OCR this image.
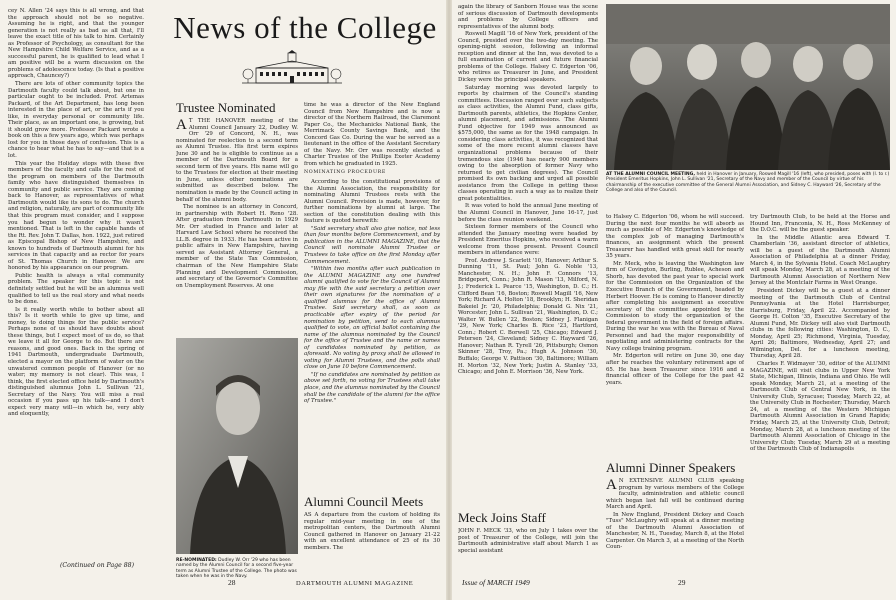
cey N. Allen '24 says this is all wrong, and that the approach should not be so negative. Assuming he is right, and that the younger generation is not really as bad as all that, I'll leave the exact title of his talk to him. Certainly as Professor of Psychology, as consultant for the New Hampshire Child Welfare Service, and as a successful parent, he is qualified to lead what I am positive will be a warm discussion on the problems of adolescence today. (Is that a positive approach, Chauncey?)

There are lots of other community topics the Dartmouth faculty could talk about, but one in particular ought to be included. Prof. Artemas Packard, of the Art Department, has long been interested in the place of art, or the arts if you like, in everyday personal or community life. Their place, as an important one, is growing, but it should grow more. Professor Packard wrote a book on this a few years ago, which was perhaps lost for you in those days of confusion. This is a chance to hear what he has to say—and that is a lot.

This year the Holiday stops with these five members of the faculty and calls for the rest of the program on members of the Dartmouth family who have distinguished themselves in community and public service. They are coming back to Hanover, as representatives of what Dartmouth would like its sons to do. The church and religion, naturally, are part of community life that this program must consider, and I suppose you had begun to wonder why it wasn't mentioned. That is left in the capable hands of the Rt. Rev. John T. Dallas, hon. 1922, just retired as Episcopal Bishop of New Hampshire, and known to hundreds of Dartmouth alumni for his services in that capacity and as rector for years of St. Thomas Church in Hanover. We are honored by his appearance on our program.

Public health is always a vital community problem. The speaker for this topic is not definitely settled but he will be an alumnus well qualified to tell us the real story and what needs to be done.

Is it really worth while to bother about all this? Is it worth while to give up time, and money, to doing things for the public service? Perhaps none of us should have doubts about these things, but I expect most of us do, so that we leave it all for George to do. But there are reasons, and good ones. Back in the spring of 1941 Dartmouth, undergraduate Dartmouth, elected a mayor on the platform of water on the unwatered common people of Hanover (or no water; my memory is not clear). This was, I think, the first elected office held by Dartmouth's distinguished alumnus John L. Sullivan '21, Secretary of the Navy. You will miss a real occasion if you pass up his talk—and I don't expect very many will—in which he, very ably and eloquently,

(Continued on Page 88)
News of the College
Trustee Nominated

A T THE HANOVER meeting of the Alumni Council January 22, Dudley W. Orr '29 of Concord, N. H., was nominated for reelection to a second term as Alumni Trustee. His first term expires June 30 and he is eligible to continue as a member of the Dartmouth Board for a second term of five years. His name will go to the Trustees for election at their meeting in June, unless other nominations are submitted as described below. The nomination is made by the Council acting in behalf of the alumni body.

The nominee is an attorney in Concord, in partnership with Robert H. Reno '28. After graduation from Dartmouth in 1929 Mr. Orr studied in France and later at Harvard Law School where he received the LL.B. degree in 1933. He has been active in public affairs in New Hampshire, having served as Assistant Attorney General, a member of the State Tax Commission, chairman of the New Hampshire State Planning and Development Commission, and secretary of the Governor's Committee on Unemployment Reserves. At one

RE-NOMINATED: Dudley W. Orr '29 who has been named by the Alumni Council for a second five-year term as Alumni Trustee of the College. The photo was taken when he was in the Navy.

time he was a director of the New England Council from New Hampshire and is now a director of the Northern Railroad, the Claremont Paper Co., the Mechanicks National Bank, the Merrimack County Savings Bank, and the Concord Gas Co. During the war he served as a lieutenant in the office of the Assistant Secretary of the Navy. Mr. Orr was recently elected a Charter Trustee of the Phillips Exeter Academy from which he graduated in 1925.

NOMINATING PROCEDURE

According to the constitutional provisions of the Alumni Association, the responsibility for nominating Alumni Trustees rests with the Alumni Council. Provision is made, however, for further nominations by alumni at large. The section of the constitution dealing with this feature is quoted herewith:

"Said secretary shall also give notice, not less than four months before Commencement, and by publication in the ALUMNI MAGAZINE, that the Council will nominate Alumni Trustee or Trustees to take office on the first Monday after Commencement.

"Within two months after such publication in the ALUMNI MAGAZINE any one hundred alumni qualified to vote for the Council of Alumni may file with the said secretary a petition over their own signatures for the nomination of a qualified alumnus for the office of Alumni Trustee. Said secretary shall, as soon as practicable after expiry of the period for nomination by petition, send to each alumnus qualified to vote, an official ballot containing the name of the alumnus nominated by the Council for the office of Trustee and the name or names of candidates nominated by petition, as aforesaid. No voting by proxy shall be allowed in voting for Alumni Trustees, and the polls shall close on June 10 before Commencement.

"If no candidates are nominated by petition as above set forth, no voting for Trustees shall take place, and the alumnus nominated by the Council shall be the candidate of the alumni for the office of Trustee."

Alumni Council Meets

AS A departure from the custom of holding its regular mid-year meeting in one of the metropolitan centers, the Dartmouth Alumni Council gathered in Hanover on January 21-22 with an excellent attendance of 25 of its 30 members. The

28	DARTMOUTH ALUMNI MAGAZINE

again the library of Sanborn House was the scene of serious discussion of Dartmouth developments and problems by College officers and representatives of the alumni body.

Roswell Magill '16 of New York, president of the Council, presided over the two-day meeting. The opening-night session, following an informal reception and dinner at the Inn, was devoted to a full examination of current and future financial problems of the College. Halsey C. Edgerton '06, who retires as Treasurer in June, and President Dickey were the principal speakers.

Saturday morning was devoted largely to reports by chairmen of the Council's standing committees. Discussion ranged over such subjects as class activities, the Alumni Fund, class gifts, Dartmouth parents, athletics, the Hopkins Center, alumni placement, and admissions. The Alumni Fund objective for 1949 was announced as $575,000, the same as for the 1948 campaign. In considering class activities, it was recognized that some of the more recent alumni classes have organizational problems because of their tremendous size (1946 has nearly 900 members owing to the absorption of former Navy who returned to get civilian degrees). The Council promised its own backing and urged all possible assistance from the College in getting these classes operating in such a way as to realize their great potentialities.

It was voted to hold the annual June meeting of the Alumni Council in Hanover, June 16-17, just before the class reunion weekend.

Sixteen former members of the Council who attended the January meeting were headed by President Emeritus Hopkins, who received a warm welcome from those present. Present Council members in attendance were:

Prof. Andrew J. Scarlett '10, Hanover; Arthur S. Dunning '11, St. Paul; John G. Noble '13, Manchester, N. H.; John F. Connors '13, Bridgeport, Conn.; John R. Mason '13, Milford, N. J.; Frederick L. Pearce '15, Washington, D. C.; H. Clifford Bean '16, Boston; Roswell Magill '16, New York; Richard A. Holton '18, Brooklyn; H. Sheridan Bakeiel Jr. '20, Philadelphia; Donald G. Nix '21, Worcester; John L. Sullivan '21, Washington, D. C.; Walter W. Bullen '22, Boston; Sidney J. Flanigan '29, New York; Charles B. Rice '23, Hartford, Conn.; Robert C. Borwell '25, Chicago; Edward J. Petersen '24, Cleveland; Sidney C. Hayward '26, Hanover; Nathan R. Tyrell '26, Pittsburgh; Osmon Skinner '28, Troy, Pa.; Hugh A. Johnson '30, Buffalo; George V. Pattison '30, Baltimore; William H. Morton '32, New York; Justin A. Stanley '33, Chicago; and John E. Morrison '36, New York.

Meck Joins Staff

JOHN F. MECK '33, who on July 1 takes over the post of Treasurer of the College, will join the Dartmouth administrative staff about March 1 as special assistant

Issue of MARCH 1949
AT THE ALUMNI COUNCIL MEETING, held in Hanover in January, Roswell Magill '16 (left), who presided, poses with (l. to r.) President Emeritus Hopkins, John L. Sullivan '21, Secretary of the Navy and member of the Council by virtue of his chairmanship of the executive committee of the General Alumni Association, and Sidney C. Hayward '26, Secretary of the College and also of the Council.

to Halsey C. Edgerton '06, whom he will succeed. During the next four months he will absorb as much as possible of Mr. Edgerton's knowledge of the complex job of managing Dartmouth's finances, an assignment which the present Treasurer has handled with great skill for nearly 35 years.

Mr. Meck, who is leaving the Washington law firm of Covington, Burling, Rublee, Acheson and Shorb, has devoted the past year to special work for the Commission on the Organization of the Executive Branch of the Government, headed by Herbert Hoover. He is coming to Hanover directly after completing his assignment as executive secretary of the committee appointed by the Commission to study the organization of the federal government in the field of foreign affairs. During the war he was with the Bureau of Naval Personnel and had the major responsibility of negotiating and administering contracts for the Navy college training program.

Mr. Edgerton will retire on June 30, one day after he reaches the voluntary retirement age of 65. He has been Treasurer since 1916 and a financial officer of the College for the past 42 years.

Alumni Dinner Speakers

A N EXTENSIVE ALUMNI CLUB speaking program by various members of the College faculty, administration and athletic council which began last fall will be continued during March and April.

In New England, President Dickey and Coach "Tuss" McLaughry will speak at a dinner meeting of the Dartmouth Alumni Association of Manchester, N. H., Tuesday, March 8, at the Hotel Carpenter. On March 3, at a meeting of the North Coun-

try Dartmouth Club, to be held at the Horse and Hound Inn, Franconia, N. H., Ross McKenney of the D.O.C. will be the guest speaker.

In the Middle Atlantic area Edward T. Chamberlain '36, assistant director of athletics, will be a guest of the Dartmouth Alumni Association of Philadelphia at a dinner Friday, March 4, in the Sylvania Hotel. Coach McLaughry will speak Monday, March 28, at a meeting of the Dartmouth Alumni Association of Northern New Jersey at the Montclair Farms in West Orange.

President Dickey will be a guest at a dinner meeting of the Dartmouth Club of Central Pennsylvania at the Hotel Harrisburger, Harrisburg, Friday, April 22. Accompanied by George H. Colton '35, Executive Secretary of the Alumni Fund, Mr. Dickey will also visit Dartmouth clubs in the following cities: Washington, D. C., Monday, April 25; Richmond, Virginia, Tuesday, April 26; Baltimore, Wednesday, April 27; and Wilmington, Del. for a luncheon meeting, Thursday, April 28.

Charles F. Widmayer '30, editor of the ALUMNI MAGAZINE, will visit clubs in Upper New York State, Michigan, Illinois, Indiana and Ohio. He will speak Monday, March 21, at a meeting of the Dartmouth Club of Central New York, in the University Club, Syracuse; Tuesday, March 22, at the University Club in Rochester; Thursday, March 24, at a meeting of the Western Michigan Dartmouth Alumni Association in Grand Rapids; Friday, March 25, at the University Club, Detroit; Monday, March 28, at a luncheon meeting of the Dartmouth Alumni Association of Chicago in the University Club; Tuesday, March 29 at a meeting of the Dartmouth Club of Indianapolis

29
